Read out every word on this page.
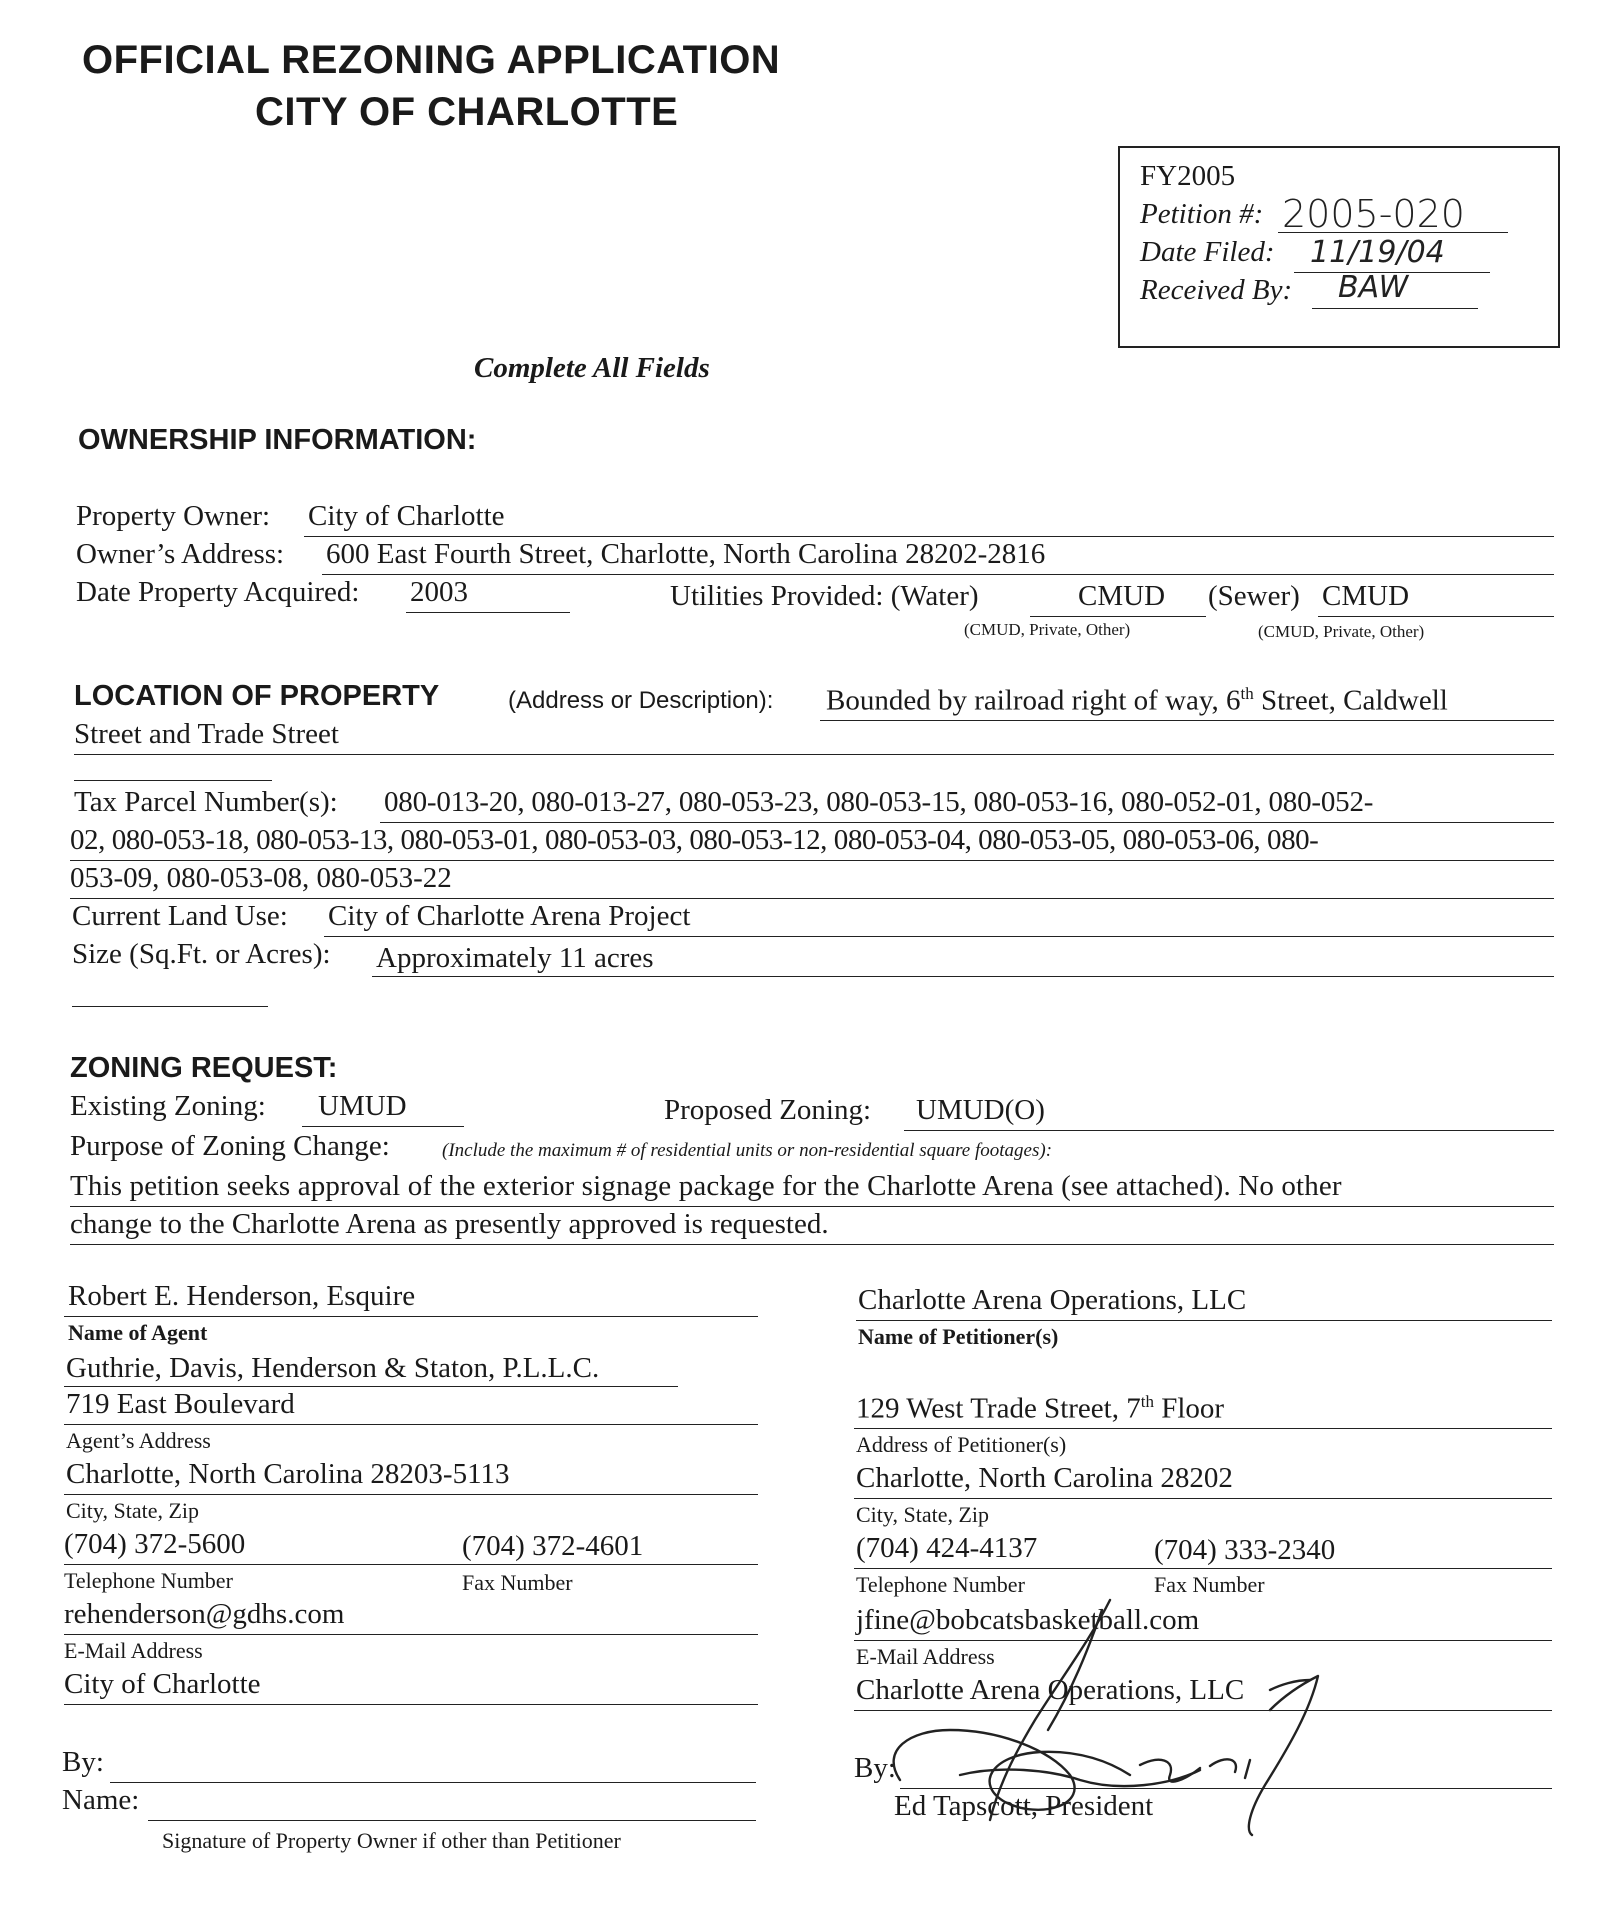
OFFICIAL REZONING APPLICATION
CITY OF CHARLOTTE
FY2005
Petition #: 2005-020
Date Filed: 11/19/04
Received By: BAW
Complete All Fields
OWNERSHIP INFORMATION:
Property Owner: City of Charlotte
Owner’s Address: 600 East Fourth Street, Charlotte, North Carolina 28202-2816
Date Property Acquired: 2003	Utilities Provided: (Water)	CMUD (Sewer) CMUD
(CMUD, Private, Other)	(CMUD, Private, Other)
LOCATION OF PROPERTY	(Address or Description): Bounded by railroad right of way, 6th Street, Caldwell
Street and Trade Street
Tax Parcel Number(s): 080-013-20, 080-013-27, 080-053-23, 080-053-15, 080-053-16, 080-052-01, 080-052-
02, 080-053-18, 080-053-13, 080-053-01, 080-053-03, 080-053-12, 080-053-04, 080-053-05, 080-053-06, 080-
053-09, 080-053-08, 080-053-22
Current Land Use: City of Charlotte Arena Project
Size (Sq.Ft. or Acres): Approximately 11 acres
ZONING REQUEST:
Existing Zoning: UMUD	Proposed Zoning: UMUD(O)
Purpose of Zoning Change:	(Include the maximum # of residential units or non-residential square footages):
This petition seeks approval of the exterior signage package for the Charlotte Arena (see attached). No other
change to the Charlotte Arena as presently approved is requested.
Robert E. Henderson, Esquire
Name of Agent
Guthrie, Davis, Henderson & Staton, P.L.L.C.
719 East Boulevard
Agent’s Address
Charlotte, North Carolina 28203-5113
City, State, Zip
(704) 372-5600	(704) 372-4601
Telephone Number	Fax Number
rehenderson@gdhs.com
E-Mail Address
City of Charlotte
By:
Name:
Signature of Property Owner if other than Petitioner
Charlotte Arena Operations, LLC
Name of Petitioner(s)
129 West Trade Street, 7th Floor
Address of Petitioner(s)
Charlotte, North Carolina 28202
City, State, Zip
(704) 424-4137	(704) 333-2340
Telephone Number	Fax Number
jfine@bobcatsbasketball.com
E-Mail Address
Charlotte Arena Operations, LLC
By:
Ed Tapscott, President
